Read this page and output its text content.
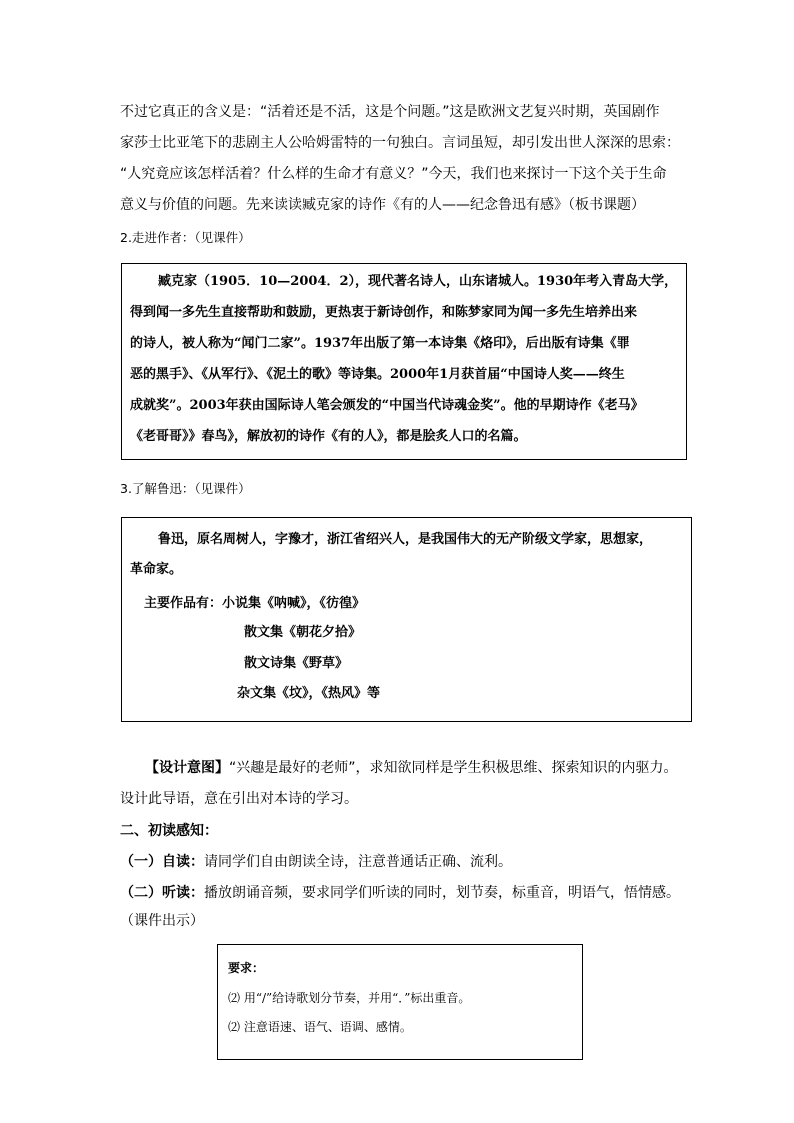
不过它真正的含义是：“活着还是不活，这是个问题。”这是欧洲文艺复兴时期，英国剧作
家莎士比亚笔下的悲剧主人公哈姆雷特的一句独白。言词虽短，却引发出世人深深的思索：
“人究竟应该怎样活着？什么样的生命才有意义？”今天，我们也来探讨一下这个关于生命
意义与价值的问题。先来读读臧克家的诗作《有的人——纪念鲁迅有感》（板书课题）
2.走进作者：（见课件）
臧克家（1905．10—2004．2），现代著名诗人，山东诸城人。1930年考入青岛大学，
得到闻一多先生直接帮助和鼓励，更热衷于新诗创作，和陈梦家同为闻一多先生培养出来
的诗人，被人称为“闻门二家”。1937年出版了第一本诗集《烙印》，后出版有诗集《罪
恶的黑手》、《从军行》、《泥土的歌》等诗集。2000年1月获首届“中国诗人奖——终生
成就奖”。2003年获由国际诗人笔会颁发的“中国当代诗魂金奖”。他的早期诗作《老马》
《老哥哥》》春鸟》，解放初的诗作《有的人》，都是脍炙人口的名篇。
3.了解鲁迅：（见课件）
鲁迅，原名周树人，字豫才，浙江省绍兴人，是我国伟大的无产阶级文学家，思想家，
革命家。
主要作品有：小说集《呐喊》，《彷徨》
散文集《朝花夕拾》
散文诗集《野草》
杂文集《坟》，《热风》等
【设计意图】“兴趣是最好的老师”，求知欲同样是学生积极思维、探索知识的内驱力。
设计此导语，意在引出对本诗的学习。
二、初读感知：
（一）自读：请同学们自由朗读全诗，注意普通话正确、流利。
（二）听读：播放朗诵音频，要求同学们听读的同时，划节奏，标重音，明语气，悟情感。
（课件出示）
要求：
⑵ 用“/”给诗歌划分节奏，并用“．”标出重音。
⑵ 注意语速、语气、语调、感情。
